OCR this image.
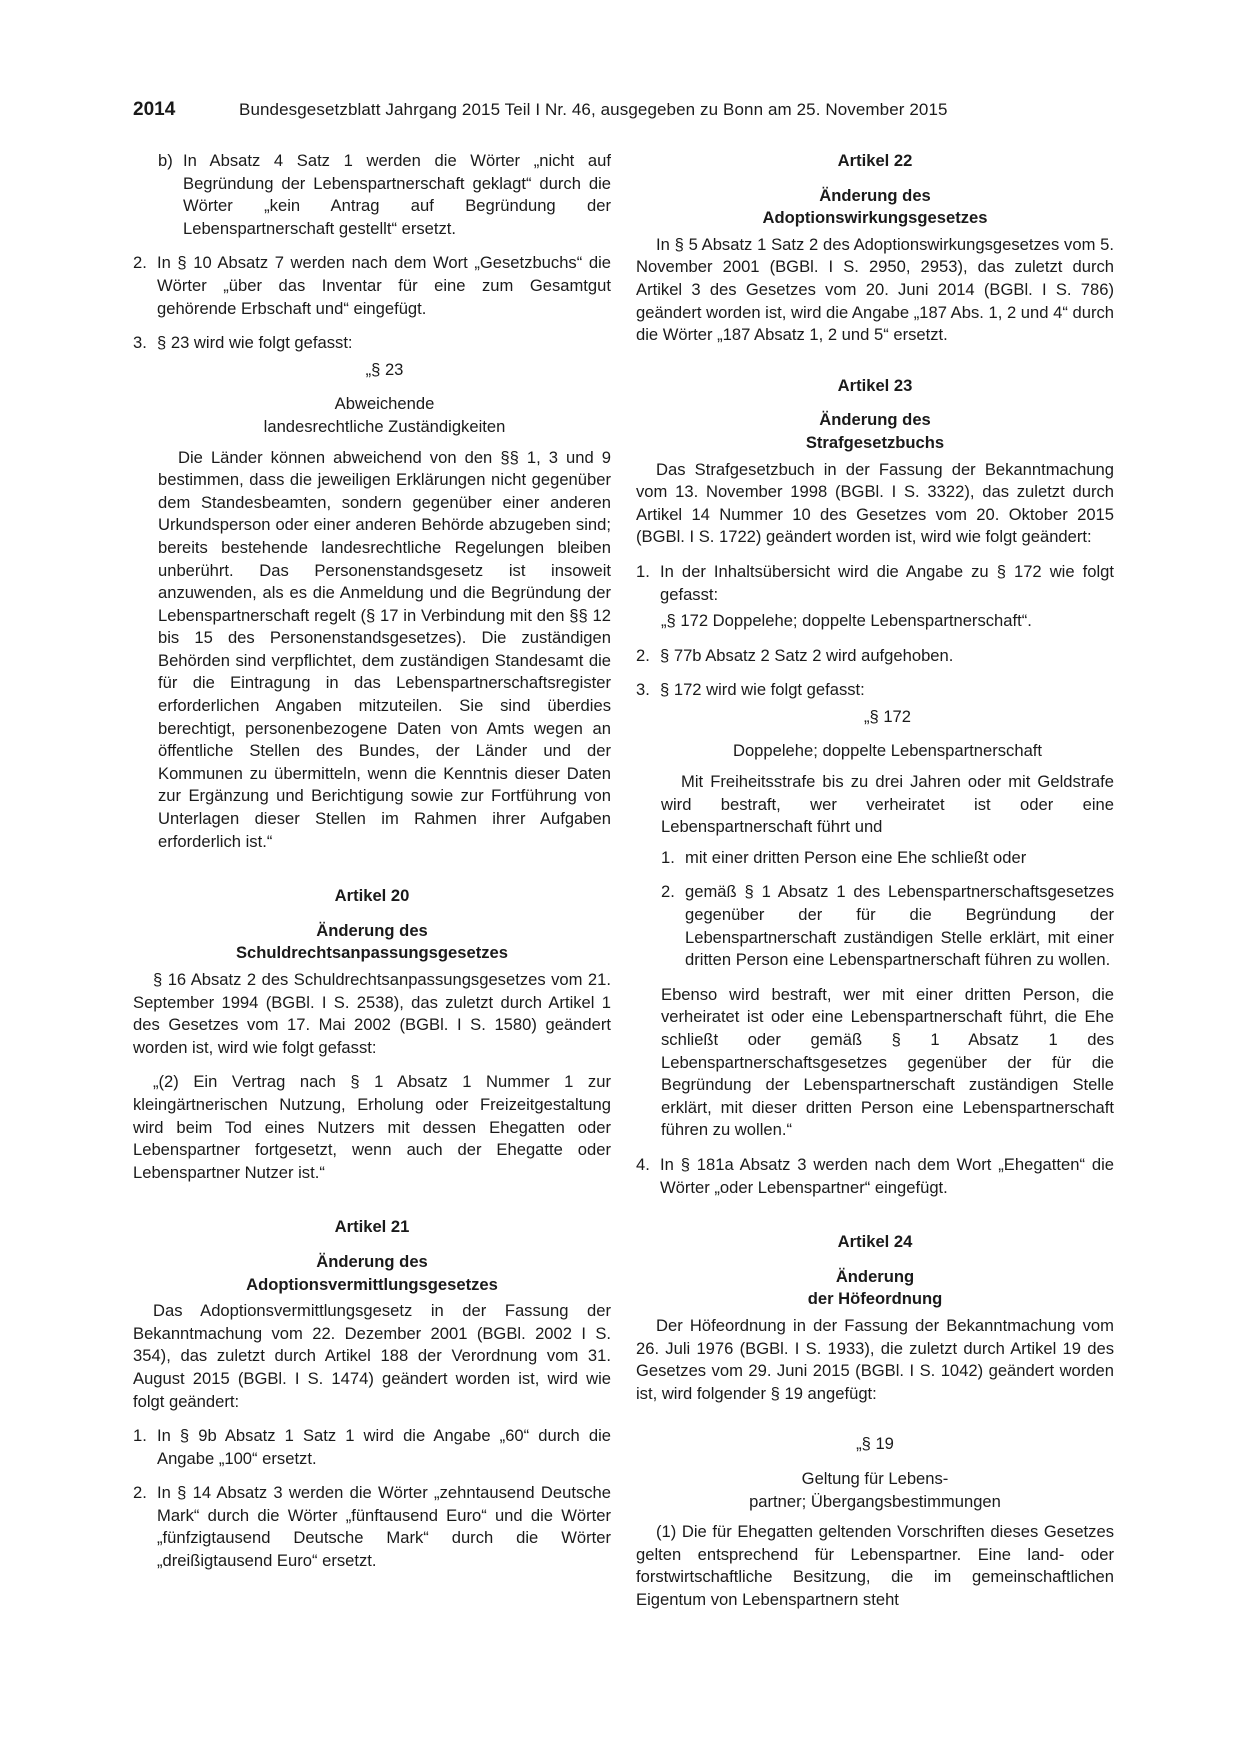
2014	Bundesgesetzblatt Jahrgang 2015 Teil I Nr. 46, ausgegeben zu Bonn am 25. November 2015
b) In Absatz 4 Satz 1 werden die Wörter „nicht auf Begründung der Lebenspartnerschaft geklagt“ durch die Wörter „kein Antrag auf Begründung der Lebenspartnerschaft gestellt“ ersetzt.
2. In § 10 Absatz 7 werden nach dem Wort „Gesetzbuchs“ die Wörter „über das Inventar für eine zum Gesamtgut gehörende Erbschaft und“ eingefügt.
3. § 23 wird wie folgt gefasst:

„§ 23

Abweichende

landesrechtliche Zuständigkeiten

Die Länder können abweichend von den §§ 1, 3 und 9 bestimmen, dass die jeweiligen Erklärungen nicht gegenüber dem Standesbeamten, sondern gegenüber einer anderen Urkundsperson oder einer anderen Behörde abzugeben sind; bereits bestehende landesrechtliche Regelungen bleiben unberührt. Das Personenstandsgesetz ist insoweit anzuwenden, als es die Anmeldung und die Begründung der Lebenspartnerschaft regelt (§ 17 in Verbindung mit den §§ 12 bis 15 des Personenstandsgesetzes). Die zuständigen Behörden sind verpflichtet, dem zuständigen Standesamt die für die Eintragung in das Lebenspartnerschaftsregister erforderlichen Angaben mitzuteilen. Sie sind überdies berechtigt, personenbezogene Daten von Amts wegen an öffentliche Stellen des Bundes, der Länder und der Kommunen zu übermitteln, wenn die Kenntnis dieser Daten zur Ergänzung und Berichtigung sowie zur Fortführung von Unterlagen dieser Stellen im Rahmen ihrer Aufgaben erforderlich ist.“

Artikel 20

Änderung des

Schuldrechtsanpassungsgesetzes

§ 16 Absatz 2 des Schuldrechtsanpassungsgesetzes vom 21. September 1994 (BGBl. I S. 2538), das zuletzt durch Artikel 1 des Gesetzes vom 17. Mai 2002 (BGBl. I S. 1580) geändert worden ist, wird wie folgt gefasst:

„(2) Ein Vertrag nach § 1 Absatz 1 Nummer 1 zur kleingärtnerischen Nutzung, Erholung oder Freizeitgestaltung wird beim Tod eines Nutzers mit dessen Ehegatten oder Lebenspartner fortgesetzt, wenn auch der Ehegatte oder Lebenspartner Nutzer ist.“

Artikel 21

Änderung des

Adoptionsvermittlungsgesetzes

Das Adoptionsvermittlungsgesetz in der Fassung der Bekanntmachung vom 22. Dezember 2001 (BGBl. 2002 I S. 354), das zuletzt durch Artikel 188 der Verordnung vom 31. August 2015 (BGBl. I S. 1474) geändert worden ist, wird wie folgt geändert:

1. In § 9b Absatz 1 Satz 1 wird die Angabe „60“ durch die Angabe „100“ ersetzt.
2. In § 14 Absatz 3 werden die Wörter „zehntausend Deutsche Mark“ durch die Wörter „fünftausend Euro“ und die Wörter „fünfzigtausend Deutsche Mark“ durch die Wörter „dreißigtausend Euro“ ersetzt.

Artikel 22

Änderung des

Adoptionswirkungsgesetzes

In § 5 Absatz 1 Satz 2 des Adoptionswirkungsgesetzes vom 5. November 2001 (BGBl. I S. 2950, 2953), das zuletzt durch Artikel 3 des Gesetzes vom 20. Juni 2014 (BGBl. I S. 786) geändert worden ist, wird die Angabe „187 Abs. 1, 2 und 4“ durch die Wörter „187 Absatz 1, 2 und 5“ ersetzt.

Artikel 23

Änderung des

Strafgesetzbuchs

Das Strafgesetzbuch in der Fassung der Bekanntmachung vom 13. November 1998 (BGBl. I S. 3322), das zuletzt durch Artikel 14 Nummer 10 des Gesetzes vom 20. Oktober 2015 (BGBl. I S. 1722) geändert worden ist, wird wie folgt geändert:

1. In der Inhaltsübersicht wird die Angabe zu § 172 wie folgt gefasst:

„§ 172 Doppelehe; doppelte Lebenspartnerschaft“.

2. § 77b Absatz 2 Satz 2 wird aufgehoben.
3. § 172 wird wie folgt gefasst:

„§ 172

Doppelehe; doppelte Lebenspartnerschaft

Mit Freiheitsstrafe bis zu drei Jahren oder mit Geldstrafe wird bestraft, wer verheiratet ist oder eine Lebenspartnerschaft führt und

1. mit einer dritten Person eine Ehe schließt oder
2. gemäß § 1 Absatz 1 des Lebenspartnerschaftsgesetzes gegenüber der für die Begründung der Lebenspartnerschaft zuständigen Stelle erklärt, mit einer dritten Person eine Lebenspartnerschaft führen zu wollen.

Ebenso wird bestraft, wer mit einer dritten Person, die verheiratet ist oder eine Lebenspartnerschaft führt, die Ehe schließt oder gemäß § 1 Absatz 1 des Lebenspartnerschaftsgesetzes gegenüber der für die Begründung der Lebenspartnerschaft zuständigen Stelle erklärt, mit dieser dritten Person eine Lebenspartnerschaft führen zu wollen.“

4. In § 181a Absatz 3 werden nach dem Wort „Ehegatten“ die Wörter „oder Lebenspartner“ eingefügt.

Artikel 24

Änderung

der Höfeordnung

Der Höfeordnung in der Fassung der Bekanntmachung vom 26. Juli 1976 (BGBl. I S. 1933), die zuletzt durch Artikel 19 des Gesetzes vom 29. Juni 2015 (BGBl. I S. 1042) geändert worden ist, wird folgender § 19 angefügt:

„§ 19

Geltung für Lebens-

partner; Übergangsbestimmungen

(1) Die für Ehegatten geltenden Vorschriften dieses Gesetzes gelten entsprechend für Lebenspartner. Eine land- oder forstwirtschaftliche Besitzung, die im gemeinschaftlichen Eigentum von Lebenspartnern steht
